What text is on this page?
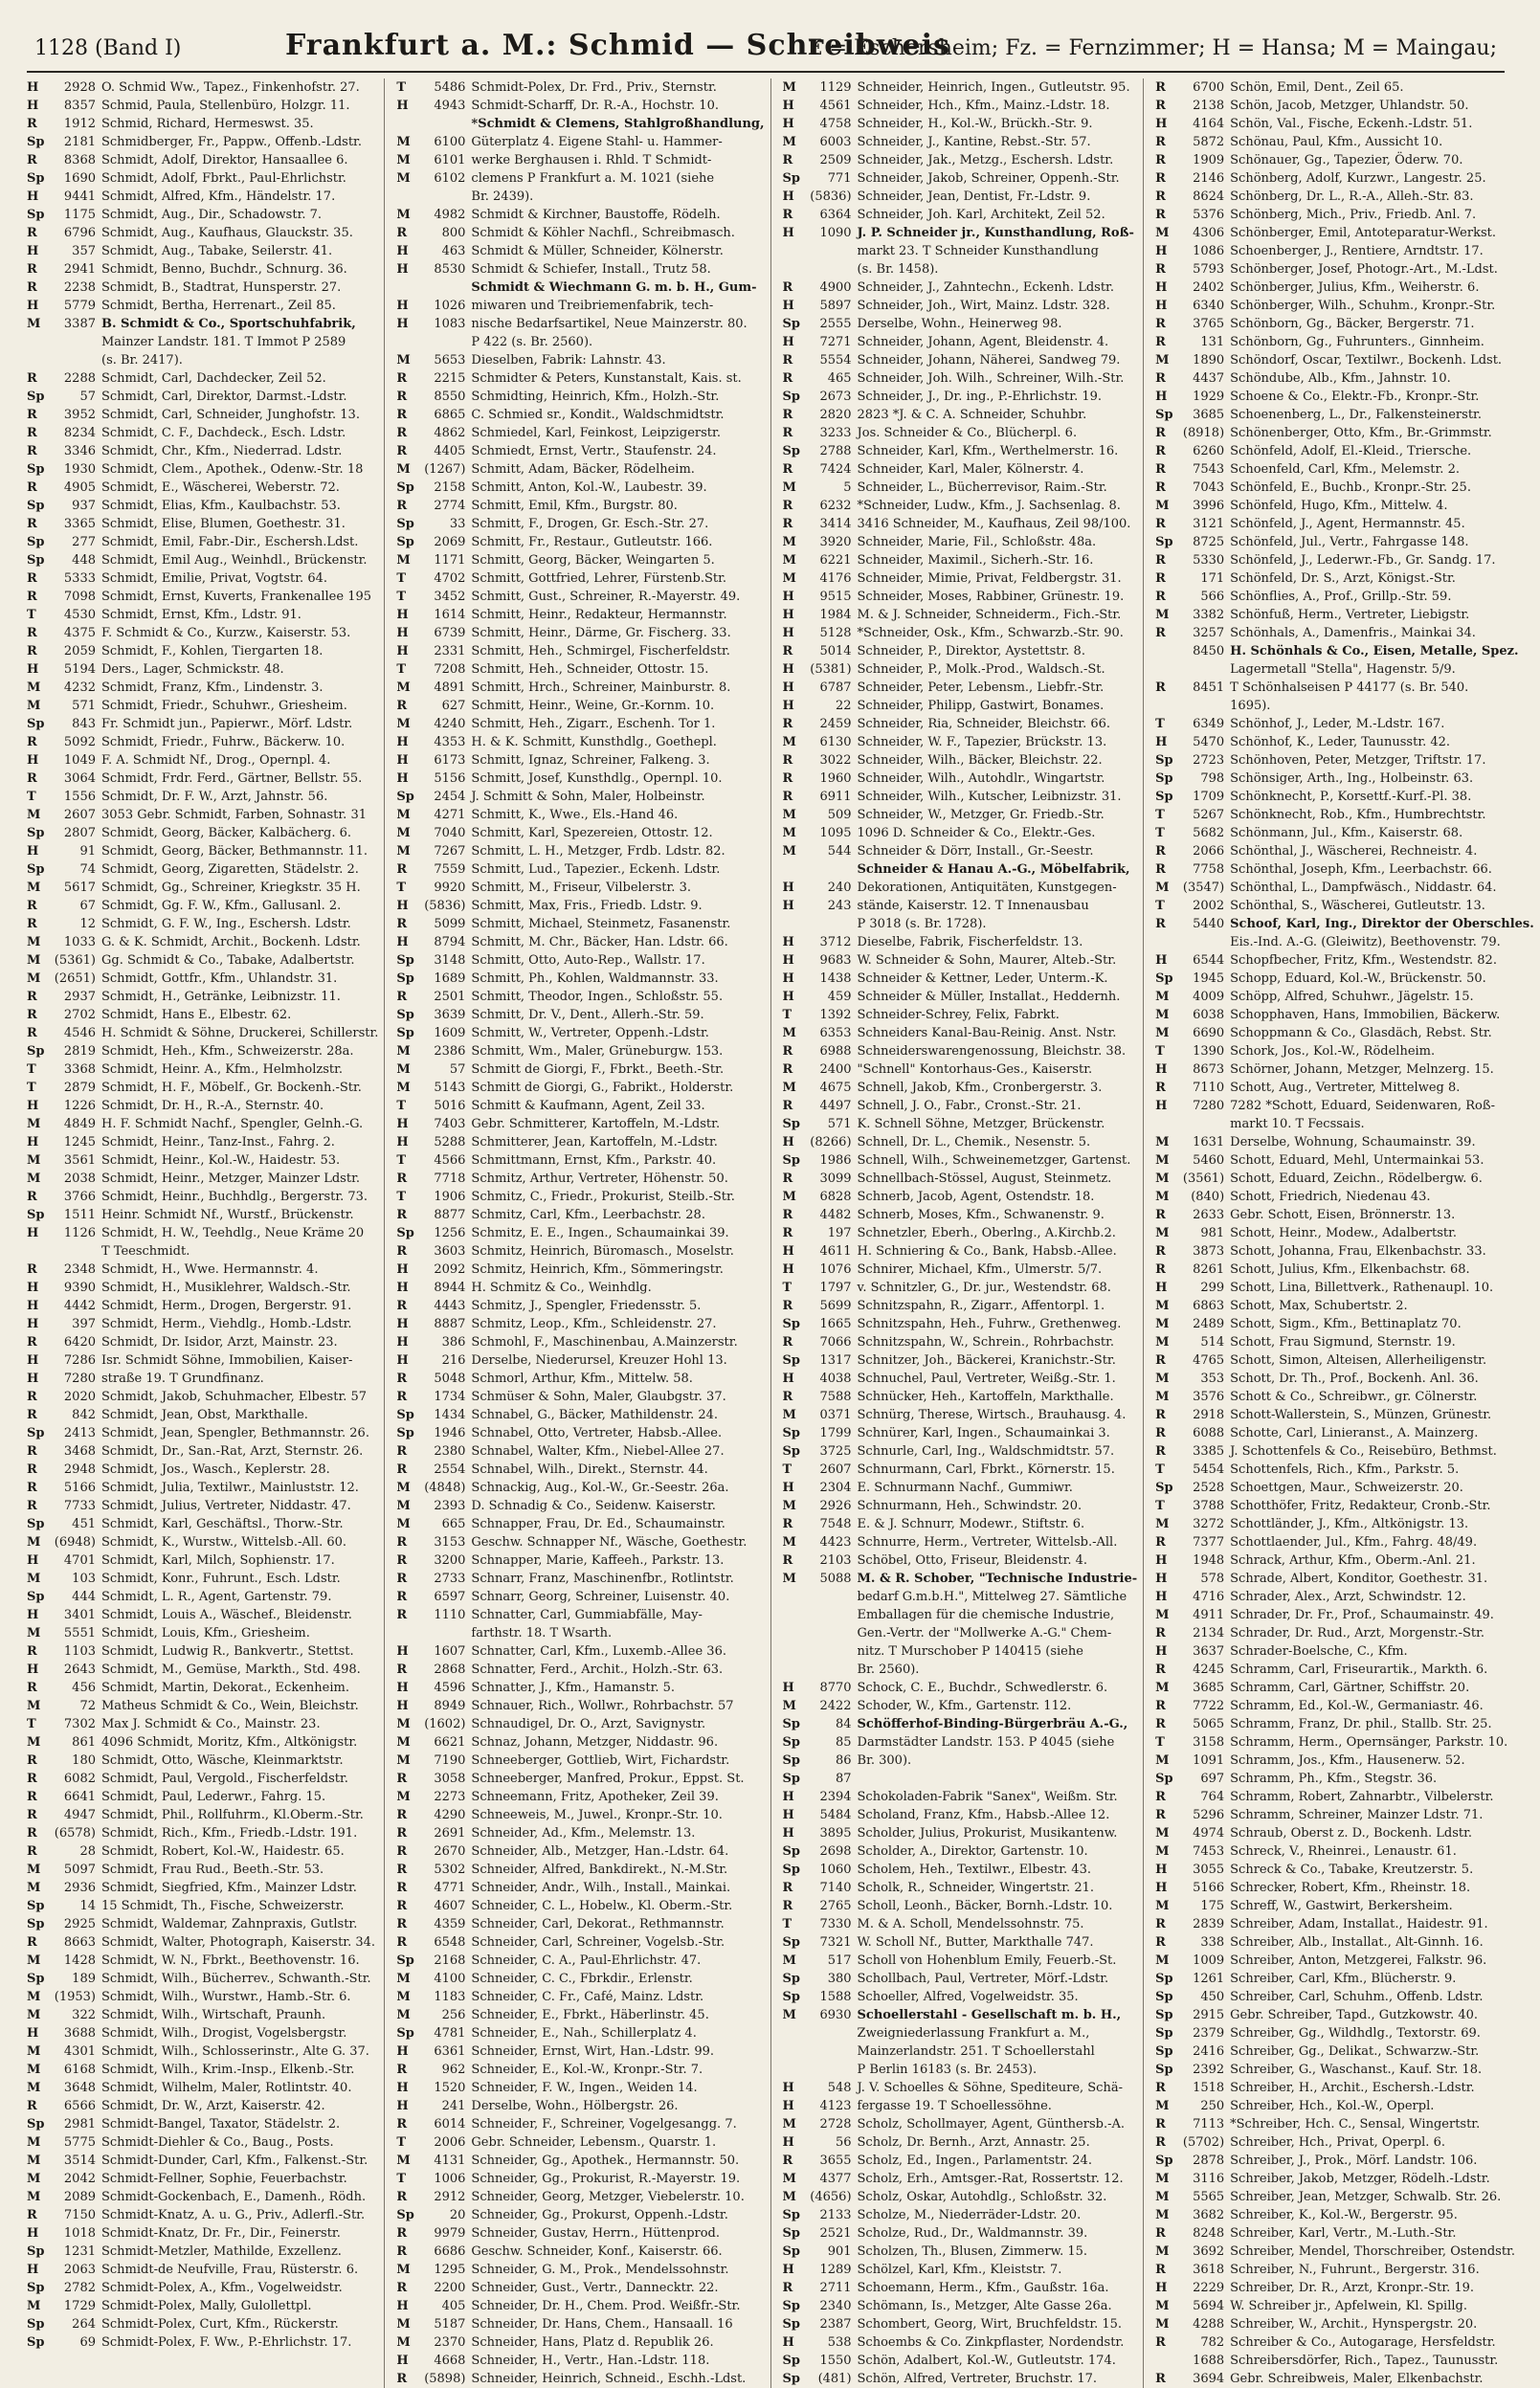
1128 (Band I)	Frankfurt a. M.: Schmid — Schreibweis
E = Eschersheim; Fz. = Fernzimmer; H = Hansa; M = Maingau;
H	2928 O. Schmid Ww., Tapez., Finkenhofstr. 27.
H	8357 Schmid, Paula, Stellenbüro, Holzgr. 11.
R	1912 Schmid, Richard, Hermeswst. 35.
Sp	2181 Schmidberger, Fr., Pappw., Offenb.-Ldstr.
R	8368 Schmidt, Adolf, Direktor, Hansaallee 6.
Sp	1690 Schmidt, Adolf, Fbrkt., Paul-Ehrlichstr.
H	9441 Schmidt, Alfred, Kfm., Händelstr. 17.
Sp	1175 Schmidt, Aug., Dir., Schadowstr. 7.
R	6796 Schmidt, Aug., Kaufhaus, Glauckstr. 35.
H	357 Schmidt, Aug., Tabake, Seilerstr. 41.
R	2941 Schmidt, Benno, Buchdr., Schnurg. 36.
R	2238 Schmidt, B., Stadtrat, Hunsperstr. 27.
H	5779 Schmidt, Bertha, Herrenart., Zeil 85.
M	3387 B. Schmidt & Co., Sportschuhfabrik,
Mainzer Landstr. 181. T Immot P 2589
(s. Br. 2417).
R	2288 Schmidt, Carl, Dachdecker, Zeil 52.
Sp	57 Schmidt, Carl, Direktor, Darmst.-Ldstr.
R	3952 Schmidt, Carl, Schneider, Junghofstr. 13.
R	8234 Schmidt, C. F., Dachdeck., Esch. Ldstr.
R	3346 Schmidt, Chr., Kfm., Niederrad. Ldstr.
Sp	1930 Schmidt, Clem., Apothek., Odenw.-Str. 18
R	4905 Schmidt, E., Wäscherei, Weberstr. 72.
Sp	937 Schmidt, Elias, Kfm., Kaulbachstr. 53.
R	3365 Schmidt, Elise, Blumen, Goethestr. 31.
Sp	277 Schmidt, Emil, Fabr.-Dir., Eschersh.Ldst.
Sp	448 Schmidt, Emil Aug., Weinhdl., Brückenstr.
R	5333 Schmidt, Emilie, Privat, Vogtstr. 64.
R	7098 Schmidt, Ernst, Kuverts, Frankenallee 195
T	4530 Schmidt, Ernst, Kfm., Ldstr. 91.
R	4375 F. Schmidt & Co., Kurzw., Kaiserstr. 53.
R	2059 Schmidt, F., Kohlen, Tiergarten 18.
H	5194 Ders., Lager, Schmickstr. 48.
M	4232 Schmidt, Franz, Kfm., Lindenstr. 3.
M	571 Schmidt, Friedr., Schuhwr., Griesheim.
Sp	843 Fr. Schmidt jun., Papierwr., Mörf. Ldstr.
R	5092 Schmidt, Friedr., Fuhrw., Bäckerw. 10.
H	1049 F. A. Schmidt Nf., Drog., Opernpl. 4.
R	3064 Schmidt, Frdr. Ferd., Gärtner, Bellstr. 55.
T	1556 Schmidt, Dr. F. W., Arzt, Jahnstr. 56.
M	2607 3053 Gebr. Schmidt, Farben, Sohnastr. 31
Sp	2807 Schmidt, Georg, Bäcker, Kalbächerg. 6.
H	91 Schmidt, Georg, Bäcker, Bethmannstr. 11.
Sp	74 Schmidt, Georg, Zigaretten, Städelstr. 2.
M	5617 Schmidt, Gg., Schreiner, Kriegkstr. 35 H.
R	67 Schmidt, Gg. F. W., Kfm., Gallusanl. 2.
R	12 Schmidt, G. F. W., Ing., Eschersh. Ldstr.
M	1033 G. & K. Schmidt, Archit., Bockenh. Ldstr.
M	(5361) Gg. Schmidt & Co., Tabake, Adalbertstr.
M	(2651) Schmidt, Gottfr., Kfm., Uhlandstr. 31.
R	2937 Schmidt, H., Getränke, Leibnizstr. 11.
R	2702 Schmidt, Hans E., Elbestr. 62.
R	4546 H. Schmidt & Söhne, Druckerei, Schillerstr.
Sp	2819 Schmidt, Heh., Kfm., Schweizerstr. 28a.
T	3368 Schmidt, Heinr. A., Kfm., Helmholzstr.
T	2879 Schmidt, H. F., Möbelf., Gr. Bockenh.-Str.
H	1226 Schmidt, Dr. H., R.-A., Sternstr. 40.
M	4849 H. F. Schmidt Nachf., Spengler, Gelnh.-G.
H	1245 Schmidt, Heinr., Tanz-Inst., Fahrg. 2.
M	3561 Schmidt, Heinr., Kol.-W., Haidestr. 53.
M	2038 Schmidt, Heinr., Metzger, Mainzer Ldstr.
R	3766 Schmidt, Heinr., Buchhdlg., Bergerstr. 73.
Sp	1511 Heinr. Schmidt Nf., Wurstf., Brückenstr.
H	1126 Schmidt, H. W., Teehdlg., Neue Kräme 20
T Teeschmidt.
R	2348 Schmidt, H., Wwe. Hermannstr. 4.
H	9390 Schmidt, H., Musiklehrer, Waldsch.-Str.
H	4442 Schmidt, Herm., Drogen, Bergerstr. 91.
H	397 Schmidt, Herm., Viehdlg., Homb.-Ldstr.
R	6420 Schmidt, Dr. Isidor, Arzt, Mainstr. 23.
H	7286 Isr. Schmidt Söhne, Immobilien, Kaiser-
H	7280 straße 19. T Grundfinanz.
R	2020 Schmidt, Jakob, Schuhmacher, Elbestr. 57
R	842 Schmidt, Jean, Obst, Markthalle.
Sp	2413 Schmidt, Jean, Spengler, Bethmannstr. 26.
R	3468 Schmidt, Dr., San.-Rat, Arzt, Sternstr. 26.
R	2948 Schmidt, Jos., Wasch., Keplerstr. 28.
R	5166 Schmidt, Julia, Textilwr., Mainluststr. 12.
R	7733 Schmidt, Julius, Vertreter, Niddastr. 47.
Sp	451 Schmidt, Karl, Geschäftsl., Thorw.-Str.
M	(6948) Schmidt, K., Wurstw., Wittelsb.-All. 60.
H	4701 Schmidt, Karl, Milch, Sophienstr. 17.
M	103 Schmidt, Konr., Fuhrunt., Esch. Ldstr.
Sp	444 Schmidt, L. R., Agent, Gartenstr. 79.
H	3401 Schmidt, Louis A., Wäschef., Bleidenstr.
M	5551 Schmidt, Louis, Kfm., Griesheim.
R	1103 Schmidt, Ludwig R., Bankvertr., Stettst.
H	2643 Schmidt, M., Gemüse, Markth., Std. 498.
R	456 Schmidt, Martin, Dekorat., Eckenheim.
M	72 Matheus Schmidt & Co., Wein, Bleichstr.
T	7302 Max J. Schmidt & Co., Mainstr. 23.
M	861 4096 Schmidt, Moritz, Kfm., Altkönigstr.
R	180 Schmidt, Otto, Wäsche, Kleinmarktstr.
R	6082 Schmidt, Paul, Vergold., Fischerfeldstr.
R	6641 Schmidt, Paul, Lederwr., Fahrg. 15.
R	4947 Schmidt, Phil., Rollfuhrm., Kl.Oberm.-Str.
R	(6578) Schmidt, Rich., Kfm., Friedb.-Ldstr. 191.
R	28 Schmidt, Robert, Kol.-W., Haidestr. 65.
M	5097 Schmidt, Frau Rud., Beeth.-Str. 53.
M	2936 Schmidt, Siegfried, Kfm., Mainzer Ldstr.
Sp	14 15 Schmidt, Th., Fische, Schweizerstr.
Sp	2925 Schmidt, Waldemar, Zahnpraxis, Gutlstr.
R	8663 Schmidt, Walter, Photograph, Kaiserstr. 34.
M	1428 Schmidt, W. N., Fbrkt., Beethovenstr. 16.
Sp	189 Schmidt, Wilh., Bücherrev., Schwanth.-Str.
M	(1953) Schmidt, Wilh., Wurstwr., Hamb.-Str. 6.
M	322 Schmidt, Wilh., Wirtschaft, Praunh.
H	3688 Schmidt, Wilh., Drogist, Vogelsbergstr.
M	4301 Schmidt, Wilh., Schlosserinstr., Alte G. 37.
M	6168 Schmidt, Wilh., Krim.-Insp., Elkenb.-Str.
M	3648 Schmidt, Wilhelm, Maler, Rotlintstr. 40.
R	6566 Schmidt, Dr. W., Arzt, Kaiserstr. 42.
Sp	2981 Schmidt-Bangel, Taxator, Städelstr. 2.
M	5775 Schmidt-Diehler & Co., Baug., Posts.
M	3514 Schmidt-Dunder, Carl, Kfm., Falkenst.-Str.
M	2042 Schmidt-Fellner, Sophie, Feuerbachstr.
M	2089 Schmidt-Gockenbach, E., Damenh., Rödh.
R	7150 Schmidt-Knatz, A. u. G., Priv., Adlerfl.-Str.
H	1018 Schmidt-Knatz, Dr. Fr., Dir., Feinerstr.
Sp	1231 Schmidt-Metzler, Mathilde, Exzellenz.
H	2063 Schmidt-de Neufville, Frau, Rüsterstr. 6.
Sp	2782 Schmidt-Polex, A., Kfm., Vogelweidstr.
M	1729 Schmidt-Polex, Mally, Gulollettpl.
Sp	264 Schmidt-Polex, Curt, Kfm., Rückerstr.
Sp	69 Schmidt-Polex, F. Ww., P.-Ehrlichstr. 17.
T	5486 Schmidt-Polex, Dr. Frd., Priv., Sternstr.
H	4943 Schmidt-Scharff, Dr. R.-A., Hochstr. 10.
*Schmidt & Clemens, Stahlgroßhandlung,
M	6100 Güterplatz 4. Eigene Stahl- u. Hammer-
M	6101 werke Berghausen i. Rhld. T Schmidt-
M	6102 clemens P Frankfurt a. M. 1021 (siehe
Br. 2439).
M	4982 Schmidt & Kirchner, Baustoffe, Rödelh.
R	800 Schmidt & Köhler Nachfl., Schreibmasch.
H	463 Schmidt & Müller, Schneider, Kölnerstr.
H	8530 Schmidt & Schiefer, Install., Trutz 58.
Schmidt & Wiechmann G. m. b. H., Gum-
H	1026 miwaren und Treibriemenfabrik, tech-
H	1083 nische Bedarfsartikel, Neue Mainzerstr. 80.
P 422 (s. Br. 2560).
M	5653 Dieselben, Fabrik: Lahnstr. 43.
R	2215 Schmidter & Peters, Kunstanstalt, Kais. st.
R	8550 Schmidting, Heinrich, Kfm., Holzh.-Str.
R	6865 C. Schmied sr., Kondit., Waldschmidtstr.
R	4862 Schmiedel, Karl, Feinkost, Leipzigerstr.
R	4405 Schmiedt, Ernst, Vertr., Staufenstr. 24.
M	(1267) Schmitt, Adam, Bäcker, Rödelheim.
Sp	2158 Schmitt, Anton, Kol.-W., Laubestr. 39.
R	2774 Schmitt, Emil, Kfm., Burgstr. 80.
Sp	33 Schmitt, F., Drogen, Gr. Esch.-Str. 27.
Sp	2069 Schmitt, Fr., Restaur., Gutleutstr. 166.
M	1171 Schmitt, Georg, Bäcker, Weingarten 5.
T	4702 Schmitt, Gottfried, Lehrer, Fürstenb.Str.
T	3452 Schmitt, Gust., Schreiner, R.-Mayerstr. 49.
H	1614 Schmitt, Heinr., Redakteur, Hermannstr.
H	6739 Schmitt, Heinr., Därme, Gr. Fischerg. 33.
H	2331 Schmitt, Heh., Schmirgel, Fischerfeldstr.
T	7208 Schmitt, Heh., Schneider, Ottostr. 15.
M	4891 Schmitt, Hrch., Schreiner, Mainburstr. 8.
R	627 Schmitt, Heinr., Weine, Gr.-Kornm. 10.
M	4240 Schmitt, Heh., Zigarr., Eschenh. Tor 1.
H	4353 H. & K. Schmitt, Kunsthdlg., Goethepl.
H	6173 Schmitt, Ignaz, Schreiner, Falkeng. 3.
H	5156 Schmitt, Josef, Kunsthdlg., Opernpl. 10.
Sp	2454 J. Schmitt & Sohn, Maler, Holbeinstr.
M	4271 Schmitt, K., Wwe., Els.-Hand 46.
M	7040 Schmitt, Karl, Spezereien, Ottostr. 12.
M	7267 Schmitt, L. H., Metzger, Frdb. Ldstr. 82.
R	7559 Schmitt, Lud., Tapezier., Eckenh. Ldstr.
T	9920 Schmitt, M., Friseur, Vilbelerstr. 3.
H	(5836) Schmitt, Max, Fris., Friedb. Ldstr. 9.
R	5099 Schmitt, Michael, Steinmetz, Fasanenstr.
H	8794 Schmitt, M. Chr., Bäcker, Han. Ldstr. 66.
Sp	3148 Schmitt, Otto, Auto-Rep., Wallstr. 17.
Sp	1689 Schmitt, Ph., Kohlen, Waldmannstr. 33.
R	2501 Schmitt, Theodor, Ingen., Schloßstr. 55.
Sp	3639 Schmitt, Dr. V., Dent., Allerh.-Str. 59.
Sp	1609 Schmitt, W., Vertreter, Oppenh.-Ldstr.
M	2386 Schmitt, Wm., Maler, Grüneburgw. 153.
M	57 Schmitt de Giorgi, F., Fbrkt., Beeth.-Str.
M	5143 Schmitt de Giorgi, G., Fabrikt., Holderstr.
T	5016 Schmitt & Kaufmann, Agent, Zeil 33.
H	7403 Gebr. Schmitterer, Kartoffeln, M.-Ldstr.
H	5288 Schmitterer, Jean, Kartoffeln, M.-Ldstr.
T	4566 Schmittmann, Ernst, Kfm., Parkstr. 40.
R	7718 Schmitz, Arthur, Vertreter, Höhenstr. 50.
T	1906 Schmitz, C., Friedr., Prokurist, Steilb.-Str.
R	8877 Schmitz, Carl, Kfm., Leerbachstr. 28.
Sp	1256 Schmitz, E. E., Ingen., Schaumainkai 39.
R	3603 Schmitz, Heinrich, Büromasch., Moselstr.
H	2092 Schmitz, Heinrich, Kfm., Sömmeringstr.
H	8944 H. Schmitz & Co., Weinhdlg.
R	4443 Schmitz, J., Spengler, Friedensstr. 5.
H	8887 Schmitz, Leop., Kfm., Schleidenstr. 27.
H	386 Schmohl, F., Maschinenbau, A.Mainzerstr.
H	216 Derselbe, Niederursel, Kreuzer Hohl 13.
R	5048 Schmorl, Arthur, Kfm., Mittelw. 58.
R	1734 Schmüser & Sohn, Maler, Glaubgstr. 37.
Sp	1434 Schnabel, G., Bäcker, Mathildenstr. 24.
Sp	1946 Schnabel, Otto, Vertreter, Habsb.-Allee.
R	2380 Schnabel, Walter, Kfm., Niebel-Allee 27.
R	2554 Schnabel, Wilh., Direkt., Sternstr. 44.
M	(4848) Schnackig, Aug., Kol.-W., Gr.-Seestr. 26a.
M	2393 D. Schnadig & Co., Seidenw. Kaiserstr.
M	665 Schnapper, Frau, Dr. Ed., Schaumainstr.
R	3153 Geschw. Schnapper Nf., Wäsche, Goethestr.
R	3200 Schnapper, Marie, Kaffeeh., Parkstr. 13.
R	2733 Schnarr, Franz, Maschinenfbr., Rotlintstr.
R	6597 Schnarr, Georg, Schreiner, Luisenstr. 40.
R	1110 Schnatter, Carl, Gummiabfälle, May-
farthstr. 18. T Wsarth.
H	1607 Schnatter, Carl, Kfm., Luxemb.-Allee 36.
R	2868 Schnatter, Ferd., Archit., Holzh.-Str. 63.
H	4596 Schnatter, J., Kfm., Hamanstr. 5.
H	8949 Schnauer, Rich., Wollwr., Rohrbachstr. 57
M	(1602) Schnaudigel, Dr. O., Arzt, Savignystr.
M	6621 Schnaz, Johann, Metzger, Niddastr. 96.
M	7190 Schneeberger, Gottlieb, Wirt, Fichardstr.
R	3058 Schneeberger, Manfred, Prokur., Eppst. St.
M	2273 Schneemann, Fritz, Apotheker, Zeil 39.
R	4290 Schneeweis, M., Juwel., Kronpr.-Str. 10.
R	2691 Schneider, Ad., Kfm., Melemstr. 13.
R	2670 Schneider, Alb., Metzger, Han.-Ldstr. 64.
R	5302 Schneider, Alfred, Bankdirekt., N.-M.Str.
R	4771 Schneider, Andr., Wilh., Install., Mainkai.
R	4607 Schneider, C. L., Hobelw., Kl. Oberm.-Str.
R	4359 Schneider, Carl, Dekorat., Rethmannstr.
R	6548 Schneider, Carl, Schreiner, Vogelsb.-Str.
Sp	2168 Schneider, C. A., Paul-Ehrlichstr. 47.
M	4100 Schneider, C. C., Fbrkdir., Erlenstr.
M	1183 Schneider, C. Fr., Café, Mainz. Ldstr.
M	256 Schneider, E., Fbrkt., Häberlinstr. 45.
Sp	4781 Schneider, E., Nah., Schillerplatz 4.
H	6361 Schneider, Ernst, Wirt, Han.-Ldstr. 99.
R	962 Schneider, E., Kol.-W., Kronpr.-Str. 7.
H	1520 Schneider, F. W., Ingen., Weiden 14.
H	241 Derselbe, Wohn., Hölbergstr. 26.
R	6014 Schneider, F., Schreiner, Vogelgesangg. 7.
T	2006 Gebr. Schneider, Lebensm., Quarstr. 1.
M	4131 Schneider, Gg., Apothek., Hermannstr. 50.
T	1006 Schneider, Gg., Prokurist, R.-Mayerstr. 19.
R	2912 Schneider, Georg, Metzger, Viebelerstr. 10.
Sp	20 Schneider, Gg., Prokurst, Oppenh.-Ldstr.
R	9979 Schneider, Gustav, Herrn., Hüttenprod.
R	6686 Geschw. Schneider, Konf., Kaiserstr. 66.
M	1295 Schneider, G. M., Prok., Mendelssohnstr.
R	2200 Schneider, Gust., Vertr., Dannecktr. 22.
H	405 Schneider, Dr. H., Chem. Prod. Weißfr.-Str.
M	5187 Schneider, Dr. Hans, Chem., Hansaall. 16
M	2370 Schneider, Hans, Platz d. Republik 26.
H	4668 Schneider, H., Vertr., Han.-Ldstr. 118.
R	(5898) Schneider, Heinrich, Schneid., Eschh.-Ldst.
M	1129 Schneider, Heinrich, Ingen., Gutleutstr. 95.
H	4561 Schneider, Hch., Kfm., Mainz.-Ldstr. 18.
H	4758 Schneider, H., Kol.-W., Brückh.-Str. 9.
M	6003 Schneider, J., Kantine, Rebst.-Str. 57.
R	2509 Schneider, Jak., Metzg., Eschersh. Ldstr.
Sp	771 Schneider, Jakob, Schreiner, Oppenh.-Str.
H	(5836) Schneider, Jean, Dentist, Fr.-Ldstr. 9.
R	6364 Schneider, Joh. Karl, Architekt, Zeil 52.
H	1090 J. P. Schneider jr., Kunsthandlung, Roß-
markt 23. T Schneider Kunsthandlung
(s. Br. 1458).
R	4900 Schneider, J., Zahntechn., Eckenh. Ldstr.
H	5897 Schneider, Joh., Wirt, Mainz. Ldstr. 328.
Sp	2555 Derselbe, Wohn., Heinerweg 98.
H	7271 Schneider, Johann, Agent, Bleidenstr. 4.
R	5554 Schneider, Johann, Näherei, Sandweg 79.
R	465 Schneider, Joh. Wilh., Schreiner, Wilh.-Str.
Sp	2673 Schneider, J., Dr. ing., P.-Ehrlichstr. 19.
R	2820 2823 *J. & C. A. Schneider, Schuhbr.
R	3233 Jos. Schneider & Co., Blücherpl. 6.
Sp	2788 Schneider, Karl, Kfm., Werthelmerstr. 16.
R	7424 Schneider, Karl, Maler, Kölnerstr. 4.
M	5 Schneider, L., Bücherrevisor, Raim.-Str.
R	6232 *Schneider, Ludw., Kfm., J. Sachsenlag. 8.
R	3414 3416 Schneider, M., Kaufhaus, Zeil 98/100.
M	3920 Schneider, Marie, Fil., Schloßstr. 48a.
M	6221 Schneider, Maximil., Sicherh.-Str. 16.
M	4176 Schneider, Mimie, Privat, Feldbergstr. 31.
H	9515 Schneider, Moses, Rabbiner, Grünestr. 19.
H	1984 M. & J. Schneider, Schneiderm., Fich.-Str.
H	5128 *Schneider, Osk., Kfm., Schwarzb.-Str. 90.
R	5014 Schneider, P., Direktor, Aystettstr. 8.
H	(5381) Schneider, P., Molk.-Prod., Waldsch.-St.
H	6787 Schneider, Peter, Lebensm., Liebfr.-Str.
H	22 Schneider, Philipp, Gastwirt, Bonames.
R	2459 Schneider, Ria, Schneider, Bleichstr. 66.
M	6130 Schneider, W. F., Tapezier, Brückstr. 13.
R	3022 Schneider, Wilh., Bäcker, Bleichstr. 22.
R	1960 Schneider, Wilh., Autohdlr., Wingartstr.
R	6911 Schneider, Wilh., Kutscher, Leibnizstr. 31.
M	509 Schneider, W., Metzger, Gr. Friedb.-Str.
M	1095 1096 D. Schneider & Co., Elektr.-Ges.
M	544 Schneider & Dörr, Install., Gr.-Seestr.
Schneider & Hanau A.-G., Möbelfabrik,
H	240 Dekorationen, Antiquitäten, Kunstgegen-
H	243 stände, Kaiserstr. 12. T Innenausbau
P 3018 (s. Br. 1728).
H	3712 Dieselbe, Fabrik, Fischerfeldstr. 13.
H	9683 W. Schneider & Sohn, Maurer, Alteb.-Str.
H	1438 Schneider & Kettner, Leder, Unterm.-K.
H	459 Schneider & Müller, Installat., Heddernh.
T	1392 Schneider-Schrey, Felix, Fabrkt.
M	6353 Schneiders Kanal-Bau-Reinig. Anst. Nstr.
R	6988 Schneiderswarengenossung, Bleichstr. 38.
R	2400 "Schnell" Kontorhaus-Ges., Kaiserstr.
M	4675 Schnell, Jakob, Kfm., Cronbergerstr. 3.
R	4497 Schnell, J. O., Fabr., Cronst.-Str. 21.
Sp	571 K. Schnell Söhne, Metzger, Brückenstr.
H	(8266) Schnell, Dr. L., Chemik., Nesenstr. 5.
Sp	1986 Schnell, Wilh., Schweinemetzger, Gartenst.
R	3099 Schnellbach-Stössel, August, Steinmetz.
M	6828 Schnerb, Jacob, Agent, Ostendstr. 18.
R	4482 Schnerb, Moses, Kfm., Schwanenstr. 9.
R	197 Schnetzler, Eberh., Oberlng., A.Kirchb.2.
H	4611 H. Schniering & Co., Bank, Habsb.-Allee.
H	1076 Schnirer, Michael, Kfm., Ulmerstr. 5/7.
T	1797 v. Schnitzler, G., Dr. jur., Westendstr. 68.
R	5699 Schnitzspahn, R., Zigarr., Affentorpl. 1.
Sp	1665 Schnitzspahn, Heh., Fuhrw., Grethenweg.
R	7066 Schnitzspahn, W., Schrein., Rohrbachstr.
Sp	1317 Schnitzer, Joh., Bäckerei, Kranichstr.-Str.
H	4038 Schnuchel, Paul, Vertreter, Weißg.-Str. 1.
R	7588 Schnücker, Heh., Kartoffeln, Markthalle.
M	0371 Schnürg, Therese, Wirtsch., Brauhausg. 4.
Sp	1799 Schnürer, Karl, Ingen., Schaumainkai 3.
Sp	3725 Schnurle, Carl, Ing., Waldschmidtstr. 57.
T	2607 Schnurmann, Carl, Fbrkt., Körnerstr. 15.
H	2304 E. Schnurmann Nachf., Gummiwr.
M	2926 Schnurmann, Heh., Schwindstr. 20.
R	7548 E. & J. Schnurr, Modewr., Stiftstr. 6.
M	4423 Schnurre, Herm., Vertreter, Wittelsb.-All.
R	2103 Schöbel, Otto, Friseur, Bleidenstr. 4.
M	5088 M. & R. Schober, "Technische Industrie-
bedarf G.m.b.H.", Mittelweg 27. Sämtliche
Emballagen für die chemische Industrie,
Gen.-Vertr. der "Mollwerke A.-G." Chem-
nitz. T Murschober P 140415 (siehe
Br. 2560).
H	8770 Schock, C. E., Buchdr., Schwedlerstr. 6.
M	2422 Schoder, W., Kfm., Gartenstr. 112.
Sp	84 Schöfferhof-Binding-Bürgerbräu A.-G.,
Sp	85 Darmstädter Landstr. 153. P 4045 (siehe
Sp	86 Br. 300).
Sp	87
H	2394 Schokoladen-Fabrik "Sanex", Weißm. Str.
H	5484 Scholand, Franz, Kfm., Habsb.-Allee 12.
H	3895 Scholder, Julius, Prokurist, Musikantenw.
Sp	2698 Scholder, A., Direktor, Gartenstr. 10.
Sp	1060 Scholem, Heh., Textilwr., Elbestr. 43.
R	7140 Scholk, R., Schneider, Wingertstr. 21.
R	2765 Scholl, Leonh., Bäcker, Bornh.-Ldstr. 10.
T	7330 M. & A. Scholl, Mendelssohnstr. 75.
Sp	7321 W. Scholl Nf., Butter, Markthalle 747.
M	517 Scholl von Hohenblum Emily, Feuerb.-St.
Sp	380 Schollbach, Paul, Vertreter, Mörf.-Ldstr.
Sp	1588 Schoeller, Alfred, Vogelweidstr. 35.
M	6930 Schoellerstahl - Gesellschaft m. b. H.,
Zweigniederlassung Frankfurt a. M.,
Mainzerlandstr. 251. T Schoellerstahl
P Berlin 16183 (s. Br. 2453).
H	548 J. V. Schoelles & Söhne, Spediteure, Schä-
H	4123 fergasse 19. T Schoellessöhne.
M	2728 Scholz, Schollmayer, Agent, Günthersb.-A.
H	56 Scholz, Dr. Bernh., Arzt, Annastr. 25.
R	3655 Scholz, Ed., Ingen., Parlamentstr. 24.
M	4377 Scholz, Erh., Amtsger.-Rat, Rossertstr. 12.
M	(4656) Scholz, Oskar, Autohdlg., Schloßstr. 32.
Sp	2133 Scholze, M., Niederräder-Ldstr. 20.
Sp	2521 Scholze, Rud., Dr., Waldmannstr. 39.
Sp	901 Scholzen, Th., Blusen, Zimmerw. 15.
H	1289 Schölzel, Karl, Kfm., Kleiststr. 7.
R	2711 Schoemann, Herm., Kfm., Gaußstr. 16a.
Sp	2340 Schömann, Is., Metzger, Alte Gasse 26a.
Sp	2387 Schombert, Georg, Wirt, Bruchfeldstr. 15.
H	538 Schoembs & Co. Zinkpflaster, Nordendstr.
Sp	1550 Schön, Adalbert, Kol.-W., Gutleutstr. 174.
Sp	(481) Schön, Alfred, Vertreter, Bruchstr. 17.
R	6700 Schön, Emil, Dent., Zeil 65.
R	2138 Schön, Jacob, Metzger, Uhlandstr. 50.
H	4164 Schön, Val., Fische, Eckenh.-Ldstr. 51.
R	5872 Schönau, Paul, Kfm., Aussicht 10.
R	1909 Schönauer, Gg., Tapezier, Öderw. 70.
R	2146 Schönberg, Adolf, Kurzwr., Langestr. 25.
R	8624 Schönberg, Dr. L., R.-A., Alleh.-Str. 83.
R	5376 Schönberg, Mich., Priv., Friedb. Anl. 7.
M	4306 Schönberger, Emil, Antoteparatur-Werkst.
H	1086 Schoenberger, J., Rentiere, Arndtstr. 17.
R	5793 Schönberger, Josef, Photogr.-Art., M.-Ldst.
H	2402 Schönberger, Julius, Kfm., Weiherstr. 6.
H	6340 Schönberger, Wilh., Schuhm., Kronpr.-Str.
R	3765 Schönborn, Gg., Bäcker, Bergerstr. 71.
R	131 Schönborn, Gg., Fuhrunters., Ginnheim.
M	1890 Schöndorf, Oscar, Textilwr., Bockenh. Ldst.
R	4437 Schöndube, Alb., Kfm., Jahnstr. 10.
H	1929 Schoene & Co., Elektr.-Fb., Kronpr.-Str.
Sp	3685 Schoenenberg, L., Dr., Falkensteinerstr.
R	(8918) Schönenberger, Otto, Kfm., Br.-Grimmstr.
R	6260 Schönfeld, Adolf, El.-Kleid., Triersche.
R	7543 Schoenfeld, Carl, Kfm., Melemstr. 2.
R	7043 Schönfeld, E., Buchb., Kronpr.-Str. 25.
M	3996 Schönfeld, Hugo, Kfm., Mittelw. 4.
R	3121 Schönfeld, J., Agent, Hermannstr. 45.
Sp	8725 Schönfeld, Jul., Vertr., Fahrgasse 148.
R	5330 Schönfeld, J., Lederwr.-Fb., Gr. Sandg. 17.
R	171 Schönfeld, Dr. S., Arzt, Königst.-Str.
R	566 Schönflies, A., Prof., Grillp.-Str. 59.
M	3382 Schönfuß, Herm., Vertreter, Liebigstr.
R	3257 Schönhals, A., Damenfris., Mainkai 34.
8450 H. Schönhals & Co., Eisen, Metalle, Spez.
Lagermetall "Stella", Hagenstr. 5/9.
R	8451 T Schönhalseisen P 44177 (s. Br. 540.
1695).
T	6349 Schönhof, J., Leder, M.-Ldstr. 167.
H	5470 Schönhof, K., Leder, Taunusstr. 42.
Sp	2723 Schönhoven, Peter, Metzger, Triftstr. 17.
Sp	798 Schönsiger, Arth., Ing., Holbeinstr. 63.
Sp	1709 Schönknecht, P., Korsettf.-Kurf.-Pl. 38.
T	5267 Schönknecht, Rob., Kfm., Humbrechtstr.
T	5682 Schönmann, Jul., Kfm., Kaiserstr. 68.
R	2066 Schönthal, J., Wäscherei, Rechneistr. 4.
R	7758 Schönthal, Joseph, Kfm., Leerbachstr. 66.
M	(3547) Schönthal, L., Dampfwäsch., Niddastr. 64.
T	2002 Schönthal, S., Wäscherei, Gutleutstr. 13.
R	5440 Schoof, Karl, Ing., Direktor der Oberschles.
Eis.-Ind. A.-G. (Gleiwitz), Beethovenstr. 79.
H	6544 Schopfbecher, Fritz, Kfm., Westendstr. 82.
Sp	1945 Schopp, Eduard, Kol.-W., Brückenstr. 50.
M	4009 Schöpp, Alfred, Schuhwr., Jägelstr. 15.
M	6038 Schopphaven, Hans, Immobilien, Bäckerw.
M	6690 Schoppmann & Co., Glasdäch, Rebst. Str.
T	1390 Schork, Jos., Kol.-W., Rödelheim.
H	8673 Schörner, Johann, Metzger, Melnzerg. 15.
R	7110 Schott, Aug., Vertreter, Mittelweg 8.
H	7280 7282 *Schott, Eduard, Seidenwaren, Roß-
markt 10. T Fecssais.
M	1631 Derselbe, Wohnung, Schaumainstr. 39.
M	5460 Schott, Eduard, Mehl, Untermainkai 53.
M	(3561) Schott, Eduard, Zeichn., Rödelbergw. 6.
M	(840) Schott, Friedrich, Niedenau 43.
R	2633 Gebr. Schott, Eisen, Brönnerstr. 13.
M	981 Schott, Heinr., Modew., Adalbertstr.
R	3873 Schott, Johanna, Frau, Elkenbachstr. 33.
R	8261 Schott, Julius, Kfm., Elkenbachstr. 68.
H	299 Schott, Lina, Billettverk., Rathenaupl. 10.
M	6863 Schott, Max, Schubertstr. 2.
M	2489 Schott, Sigm., Kfm., Bettinaplatz 70.
M	514 Schott, Frau Sigmund, Sternstr. 19.
R	4765 Schott, Simon, Alteisen, Allerheiligenstr.
M	353 Schott, Dr. Th., Prof., Bockenh. Anl. 36.
M	3576 Schott & Co., Schreibwr., gr. Cölnerstr.
R	2918 Schott-Wallerstein, S., Münzen, Grünestr.
R	6088 Schotte, Carl, Linieranst., A. Mainzerg.
R	3385 J. Schottenfels & Co., Reisebüro, Bethmst.
T	5454 Schottenfels, Rich., Kfm., Parkstr. 5.
Sp	2528 Schoettgen, Maur., Schweizerstr. 20.
T	3788 Schotthöfer, Fritz, Redakteur, Cronb.-Str.
M	3272 Schottländer, J., Kfm., Altkönigstr. 13.
R	7377 Schottlaender, Jul., Kfm., Fahrg. 48/49.
H	1948 Schrack, Arthur, Kfm., Oberm.-Anl. 21.
H	578 Schrade, Albert, Konditor, Goethestr. 31.
H	4716 Schrader, Alex., Arzt, Schwindstr. 12.
M	4911 Schrader, Dr. Fr., Prof., Schaumainstr. 49.
R	2134 Schrader, Dr. Rud., Arzt, Morgenstr.-Str.
H	3637 Schrader-Boelsche, C., Kfm.
R	4245 Schramm, Carl, Friseurartik., Markth. 6.
M	3685 Schramm, Carl, Gärtner, Schiffstr. 20.
R	7722 Schramm, Ed., Kol.-W., Germaniastr. 46.
R	5065 Schramm, Franz, Dr. phil., Stallb. Str. 25.
T	3158 Schramm, Herm., Opernsänger, Parkstr. 10.
M	1091 Schramm, Jos., Kfm., Hausenerw. 52.
Sp	697 Schramm, Ph., Kfm., Stegstr. 36.
R	764 Schramm, Robert, Zahnarbtr., Vilbelerstr.
R	5296 Schramm, Schreiner, Mainzer Ldstr. 71.
M	4974 Schraub, Oberst z. D., Bockenh. Ldstr.
M	7453 Schreck, V., Rheinrei., Lenaustr. 61.
H	3055 Schreck & Co., Tabake, Kreutzerstr. 5.
H	5166 Schrecker, Robert, Kfm., Rheinstr. 18.
M	175 Schreff, W., Gastwirt, Berkersheim.
R	2839 Schreiber, Adam, Installat., Haidestr. 91.
R	338 Schreiber, Alb., Installat., Alt-Ginnh. 16.
M	1009 Schreiber, Anton, Metzgerei, Falkstr. 96.
Sp	1261 Schreiber, Carl, Kfm., Blücherstr. 9.
Sp	450 Schreiber, Carl, Schuhm., Offenb. Ldstr.
Sp	2915 Gebr. Schreiber, Tapd., Gutzkowstr. 40.
Sp	2379 Schreiber, Gg., Wildhdlg., Textorstr. 69.
Sp	2416 Schreiber, Gg., Delikat., Schwarzw.-Str.
Sp	2392 Schreiber, G., Waschanst., Kauf. Str. 18.
R	1518 Schreiber, H., Archit., Eschersh.-Ldstr.
M	250 Schreiber, Hch., Kol.-W., Operpl.
R	7113 *Schreiber, Hch. C., Sensal, Wingertstr.
R	(5702) Schreiber, Hch., Privat, Operpl. 6.
Sp	2878 Schreiber, J., Prok., Mörf. Landstr. 106.
M	3116 Schreiber, Jakob, Metzger, Rödelh.-Ldstr.
M	5565 Schreiber, Jean, Metzger, Schwalb. Str. 26.
M	3682 Schreiber, K., Kol.-W., Bergerstr. 95.
R	8248 Schreiber, Karl, Vertr., M.-Luth.-Str.
M	3692 Schreiber, Mendel, Thorschreiber, Ostendstr.
R	3618 Schreiber, N., Fuhrunt., Bergerstr. 316.
H	2229 Schreiber, Dr. R., Arzt, Kronpr.-Str. 19.
M	5694 W. Schreiber jr., Apfelwein, Kl. Spillg.
M	4288 Schreiber, W., Archit., Hynspergstr. 20.
R	782 Schreiber & Co., Autogarage, Hersfeldstr.
1688 Schreibersdörfer, Rich., Tapez., Taunusstr.
R	3694 Gebr. Schreibweis, Maler, Elkenbachstr.
